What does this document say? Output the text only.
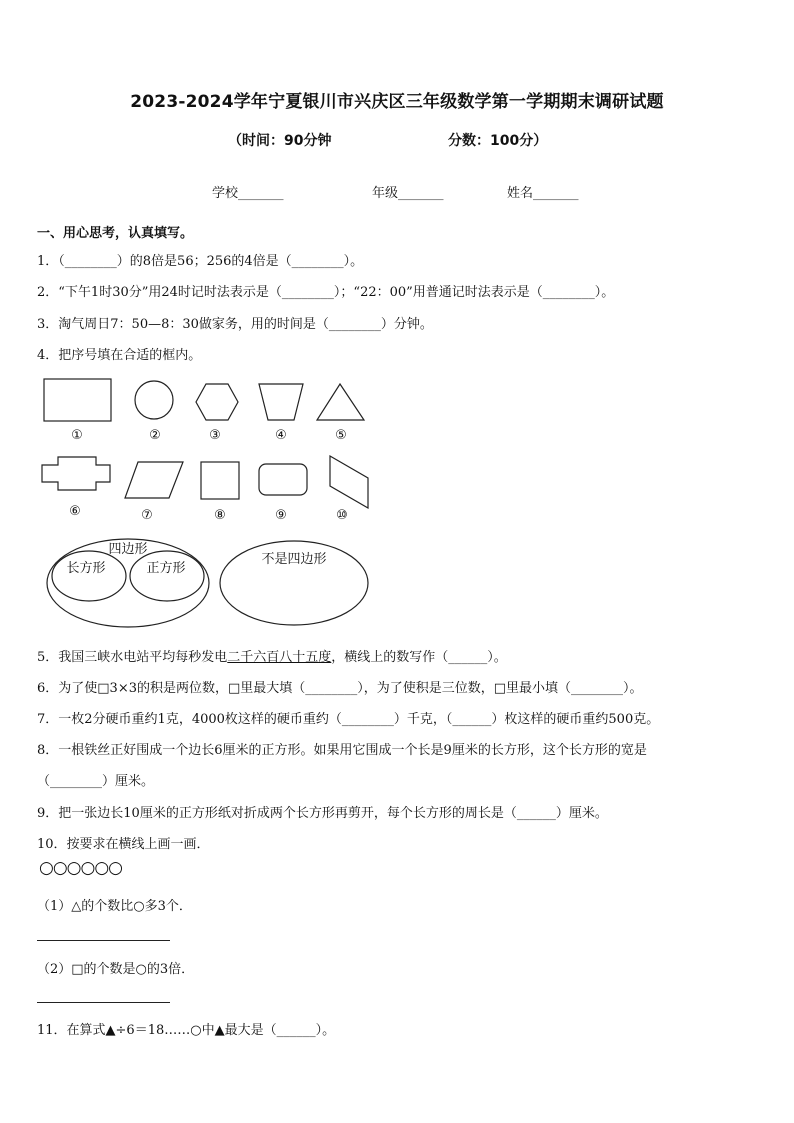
2023-2024学年宁夏银川市兴庆区三年级数学第一学期期末调研试题
（时间：90分钟	分数：100分）
学校_______	年级_______	姓名_______
一、用心思考，认真填写。
1．（________）的8倍是56；256的4倍是（________）。
2．“下午1时30分”用24时记时法表示是（________）；“22：00”用普通记时法表示是（________）。
3．淘气周日7：50—8：30做家务，用的时间是（________）分钟。
4．把序号填在合适的框内。
①	②	③	④	⑤
⑥	⑦	⑧	⑨	⑩
四边形
长方形	正方形
不是四边形
5．我国三峡水电站平均每秒发电二千六百八十五度，横线上的数写作（______）。
6．为了使□3×3的积是两位数，□里最大填（________），为了使积是三位数，□里最小填（________）。
7．一枚2分硬币重约1克，4000枚这样的硬币重约（________）千克，（______）枚这样的硬币重约500克。
8．一根铁丝正好围成一个边长6厘米的正方形。如果用它围成一个长是9厘米的长方形，这个长方形的宽是
（________）厘米。
9．把一张边长10厘米的正方形纸对折成两个长方形再剪开，每个长方形的周长是（______）厘米。
10．按要求在横线上画一画．
○○○○○○
（1）△的个数比○多3个．
（2）□的个数是○的3倍．
11．在算式▲÷6＝18……○中▲最大是（______）。
